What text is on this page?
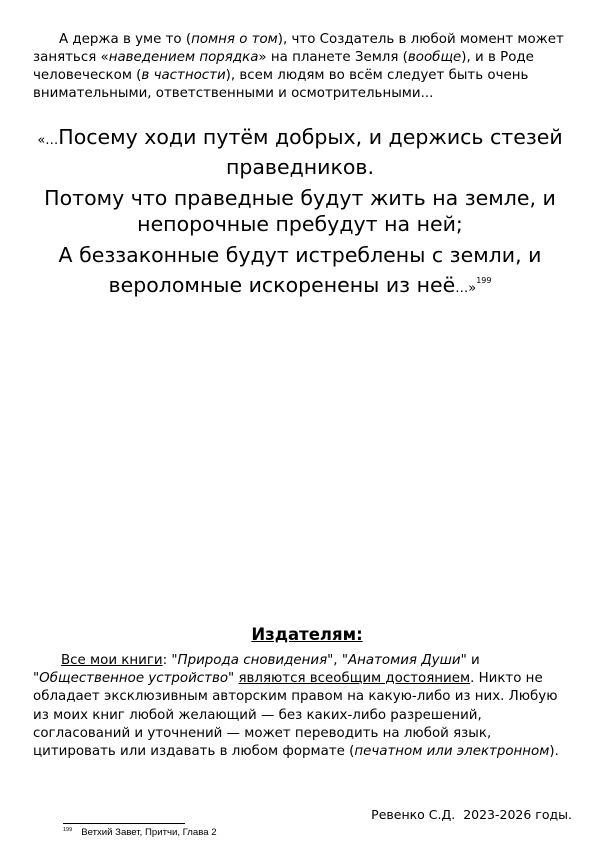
А держа в уме то (помня о том), что Создатель в любой момент может заняться «наведением порядка» на планете Земля (вообще), и в Роде человеческом (в частности), всем людям во всём следует быть очень внимательными, ответственными и осмотрительными...

«…Посему ходи путём добрых, и держись стезей праведников.

Потому что праведные будут жить на земле, и непорочные пребудут на ней;

А беззаконные будут истреблены с земли, и вероломные искоренены из неё…»$^{199}$

Издателям:

Все мои книги: "Природа сновидения", "Анатомия Души" и "Общественное устройство" являются всеобщим достоянием. Никто не обладает эксклюзивным авторским правом на какую-либо из них. Любую из моих книг любой желающий — без каких-либо разрешений, согласований и уточнений — может переводить на любой язык, цитировать или издавать в любом формате (печатном или электронном).

Ревенко С.Д.  2023-2026 годы.

$^{199}$ Ветхий Завет, Притчи, Глава 2
